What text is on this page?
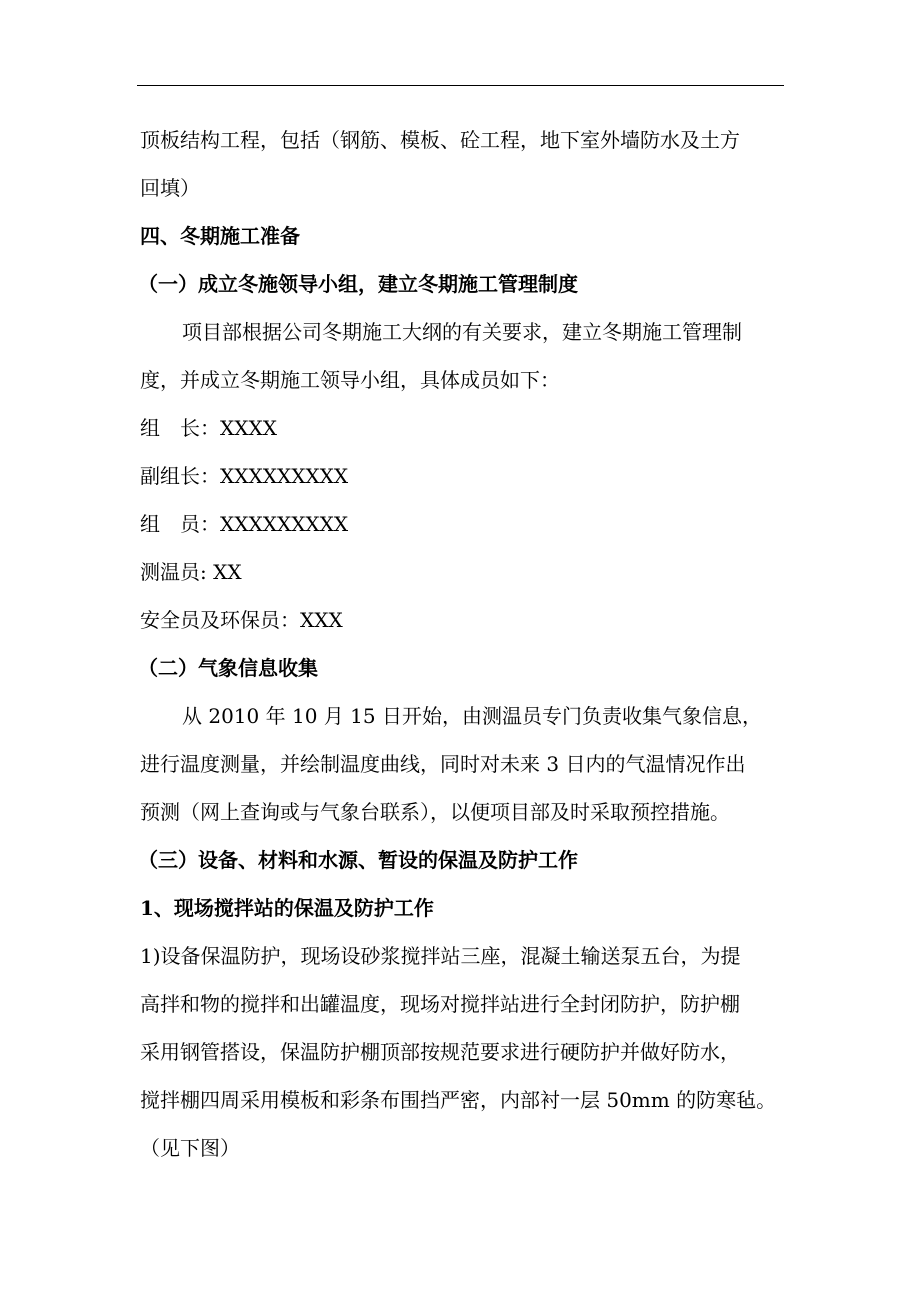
顶板结构工程，包括（钢筋、模板、砼工程，地下室外墙防水及土方
回填）
四、冬期施工准备
（一）成立冬施领导小组，建立冬期施工管理制度
项目部根据公司冬期施工大纲的有关要求，建立冬期施工管理制
度，并成立冬期施工领导小组，具体成员如下：
组　长：XXXX
副组长：XXXXXXXXX
组　员：XXXXXXXXX
测温员: XX
安全员及环保员：XXX
（二）气象信息收集
从 2010 年 10 月 15 日开始，由测温员专门负责收集气象信息，
进行温度测量，并绘制温度曲线，同时对未来 3 日内的气温情况作出
预测（网上查询或与气象台联系），以便项目部及时采取预控措施。
（三）设备、材料和水源、暂设的保温及防护工作
1、现场搅拌站的保温及防护工作
1)设备保温防护，现场设砂浆搅拌站三座，混凝土输送泵五台，为提
高拌和物的搅拌和出罐温度，现场对搅拌站进行全封闭防护，防护棚
采用钢管搭设，保温防护棚顶部按规范要求进行硬防护并做好防水，
搅拌棚四周采用模板和彩条布围挡严密，内部衬一层 50mm 的防寒毡。
（见下图）
